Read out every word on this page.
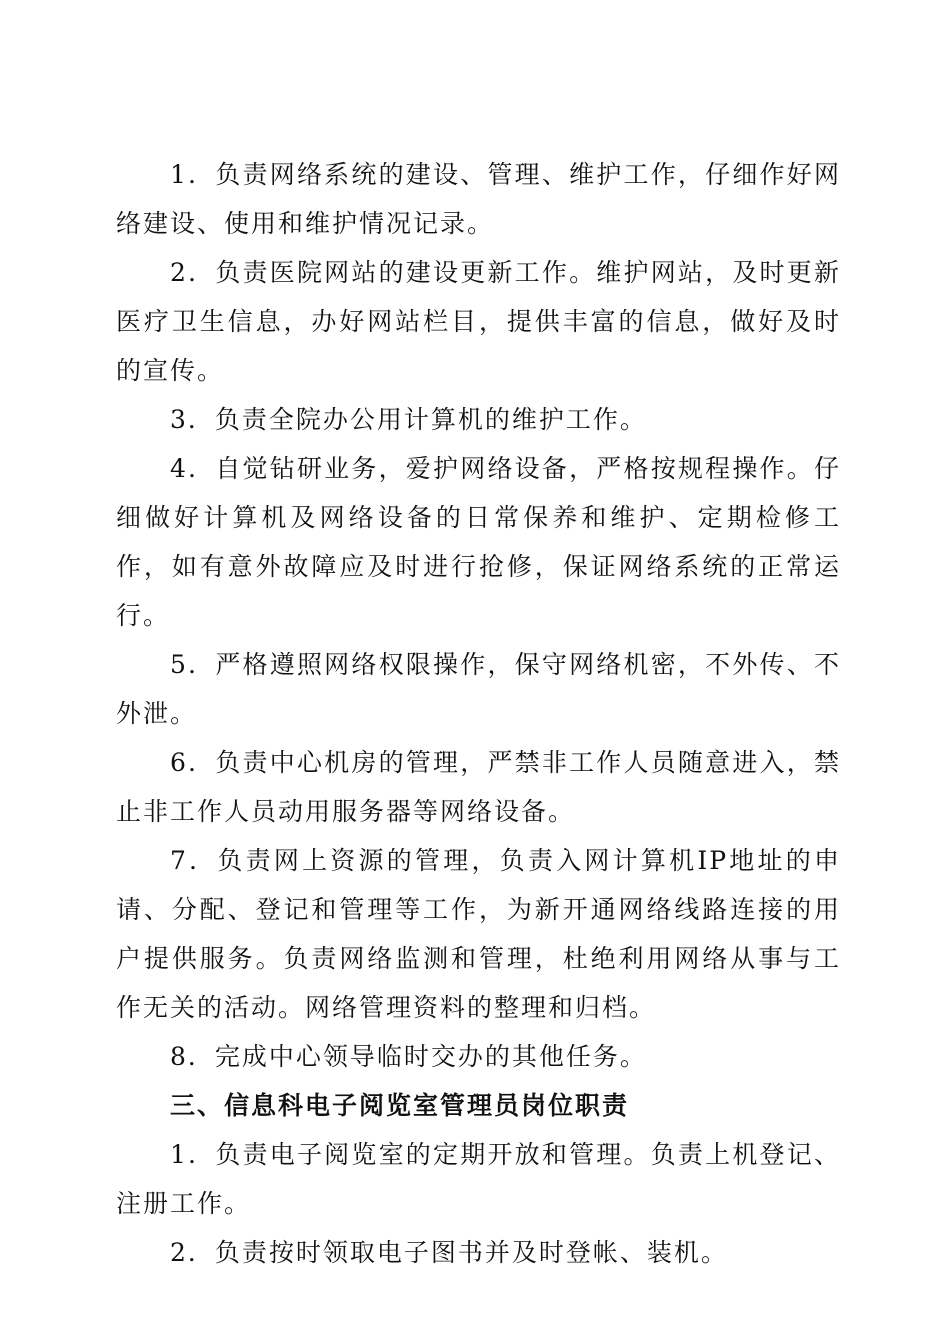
1．负责网络系统的建设、管理、维护工作，仔细作好网络建设、使用和维护情况记录。

2．负责医院网站的建设更新工作。维护网站，及时更新医疗卫生信息，办好网站栏目，提供丰富的信息，做好及时的宣传。

3．负责全院办公用计算机的维护工作。

4．自觉钻研业务，爱护网络设备，严格按规程操作。仔细做好计算机及网络设备的日常保养和维护、定期检修工作，如有意外故障应及时进行抢修，保证网络系统的正常运行。

5．严格遵照网络权限操作，保守网络机密，不外传、不外泄。

6．负责中心机房的管理，严禁非工作人员随意进入，禁止非工作人员动用服务器等网络设备。

7．负责网上资源的管理，负责入网计算机IP地址的申请、分配、登记和管理等工作，为新开通网络线路连接的用户提供服务。负责网络监测和管理，杜绝利用网络从事与工作无关的活动。网络管理资料的整理和归档。

8．完成中心领导临时交办的其他任务。

三、信息科电子阅览室管理员岗位职责

1．负责电子阅览室的定期开放和管理。负责上机登记、注册工作。

2．负责按时领取电子图书并及时登帐、装机。
